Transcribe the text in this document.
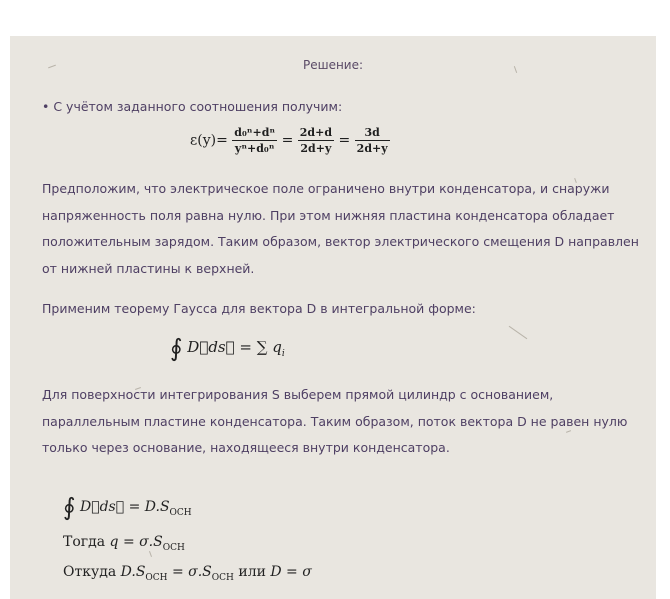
Решение:
• С учётом заданного соотношения получим:
$\varepsilon(y)= \frac{\text{d₀ⁿ+dⁿ}}{\text{yⁿ+d₀ⁿ}} = \frac{2d+d}{2d+y} = \frac{3d}{2d+y}$
Предположим, что электрическое поле ограничено внутри конденсатора, и снаружи напряженность поля равна нулю. При этом нижняя пластина конденсатора обладает положительным зарядом. Таким образом, вектор электрического смещения D направлен от нижней пластины к верхней.
Применим теорему Гаусса для вектора D в интегральной форме:
∮ D⃗ds⃗ = ∑ $q_i$
Для поверхности интегрирования S выберем прямой цилиндр с основанием, параллельным пластине конденсатора. Таким образом, поток вектора D не равен нулю только через основание, находящееся внутри конденсатора.
∮ D⃗ds⃗ = $D.S_{ОСН}$
Тогда $q = \sigma.S_{ОСН}$
Откуда $D.S_{ОСН} = \sigma.S_{ОСН}$ или D = σ
